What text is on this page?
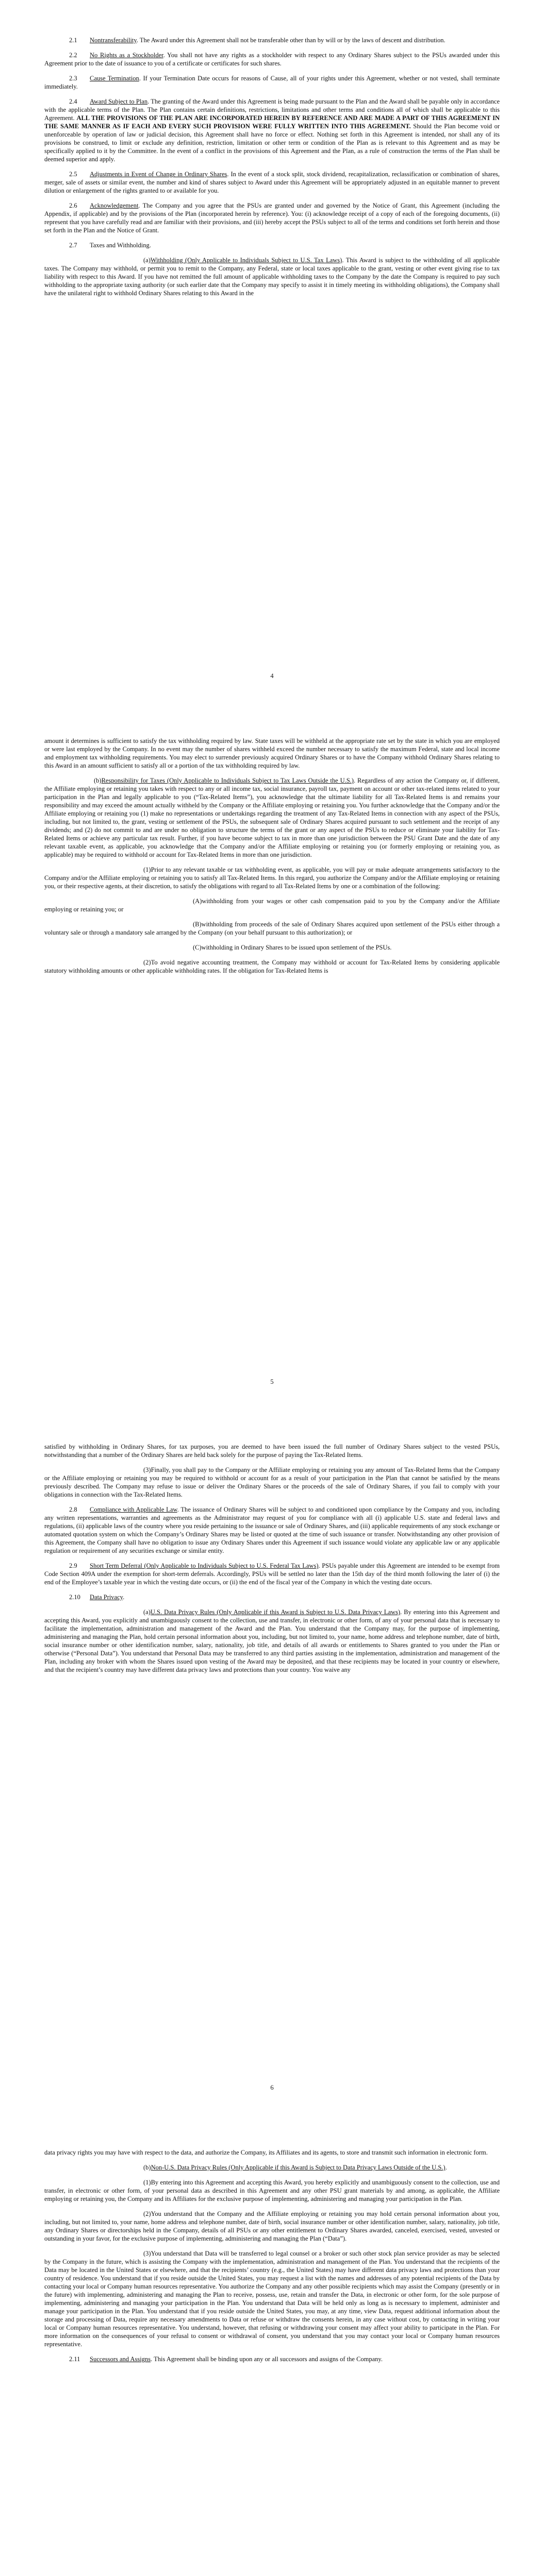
2.1 Nontransferability. The Award under this Agreement shall not be transferable other than by will or by the laws of descent and distribution.

2.2 No Rights as a Stockholder. You shall not have any rights as a stockholder with respect to any Ordinary Shares subject to the PSUs awarded under this Agreement prior to the date of issuance to you of a certificate or certificates for such shares.

2.3 Cause Termination. If your Termination Date occurs for reasons of Cause, all of your rights under this Agreement, whether or not vested, shall terminate immediately.

2.4 Award Subject to Plan. The granting of the Award under this Agreement is being made pursuant to the Plan and the Award shall be payable only in accordance with the applicable terms of the Plan. The Plan contains certain definitions, restrictions, limitations and other terms and conditions all of which shall be applicable to this Agreement. ALL THE PROVISIONS OF THE PLAN ARE INCORPORATED HEREIN BY REFERENCE AND ARE MADE A PART OF THIS AGREEMENT IN THE SAME MANNER AS IF EACH AND EVERY SUCH PROVISION WERE FULLY WRITTEN INTO THIS AGREEMENT. Should the Plan become void or unenforceable by operation of law or judicial decision, this Agreement shall have no force or effect. Nothing set forth in this Agreement is intended, nor shall any of its provisions be construed, to limit or exclude any definition, restriction, limitation or other term or condition of the Plan as is relevant to this Agreement and as may be specifically applied to it by the Committee. In the event of a conflict in the provisions of this Agreement and the Plan, as a rule of construction the terms of the Plan shall be deemed superior and apply.

2.5 Adjustments in Event of Change in Ordinary Shares. In the event of a stock split, stock dividend, recapitalization, reclassification or combination of shares, merger, sale of assets or similar event, the number and kind of shares subject to Award under this Agreement will be appropriately adjusted in an equitable manner to prevent dilution or enlargement of the rights granted to or available for you.

2.6 Acknowledgement. The Company and you agree that the PSUs are granted under and governed by the Notice of Grant, this Agreement (including the Appendix, if applicable) and by the provisions of the Plan (incorporated herein by reference). You: (i) acknowledge receipt of a copy of each of the foregoing documents, (ii) represent that you have carefully read and are familiar with their provisions, and (iii) hereby accept the PSUs subject to all of the terms and conditions set forth herein and those set forth in the Plan and the Notice of Grant.

2.7 Taxes and Withholding.

(a)Withholding (Only Applicable to Individuals Subject to U.S. Tax Laws). This Award is subject to the withholding of all applicable taxes. The Company may withhold, or permit you to remit to the Company, any Federal, state or local taxes applicable to the grant, vesting or other event giving rise to tax liability with respect to this Award. If you have not remitted the full amount of applicable withholding taxes to the Company by the date the Company is required to pay such withholding to the appropriate taxing authority (or such earlier date that the Company may specify to assist it in timely meeting its withholding obligations), the Company shall have the unilateral right to withhold Ordinary Shares relating to this Award in the

4

amount it determines is sufficient to satisfy the tax withholding required by law. State taxes will be withheld at the appropriate rate set by the state in which you are employed or were last employed by the Company. In no event may the number of shares withheld exceed the number necessary to satisfy the maximum Federal, state and local income and employment tax withholding requirements. You may elect to surrender previously acquired Ordinary Shares or to have the Company withhold Ordinary Shares relating to this Award in an amount sufficient to satisfy all or a portion of the tax withholding required by law.

(b)Responsibility for Taxes (Only Applicable to Individuals Subject to Tax Laws Outside the U.S.). Regardless of any action the Company or, if different, the Affiliate employing or retaining you takes with respect to any or all income tax, social insurance, payroll tax, payment on account or other tax-related items related to your participation in the Plan and legally applicable to you (“Tax-Related Items”), you acknowledge that the ultimate liability for all Tax-Related Items is and remains your responsibility and may exceed the amount actually withheld by the Company or the Affiliate employing or retaining you. You further acknowledge that the Company and/or the Affiliate employing or retaining you (1) make no representations or undertakings regarding the treatment of any Tax-Related Items in connection with any aspect of the PSUs, including, but not limited to, the grant, vesting or settlement of the PSUs, the subsequent sale of Ordinary Shares acquired pursuant to such settlement and the receipt of any dividends; and (2) do not commit to and are under no obligation to structure the terms of the grant or any aspect of the PSUs to reduce or eliminate your liability for Tax-Related Items or achieve any particular tax result. Further, if you have become subject to tax in more than one jurisdiction between the PSU Grant Date and the date of any relevant taxable event, as applicable, you acknowledge that the Company and/or the Affiliate employing or retaining you (or formerly employing or retaining you, as applicable) may be required to withhold or account for Tax-Related Items in more than one jurisdiction.

(1)Prior to any relevant taxable or tax withholding event, as applicable, you will pay or make adequate arrangements satisfactory to the Company and/or the Affiliate employing or retaining you to satisfy all Tax-Related Items. In this regard, you authorize the Company and/or the Affiliate employing or retaining you, or their respective agents, at their discretion, to satisfy the obligations with regard to all Tax-Related Items by one or a combination of the following:

(A)withholding from your wages or other cash compensation paid to you by the Company and/or the Affiliate employing or retaining you; or

(B)withholding from proceeds of the sale of Ordinary Shares acquired upon settlement of the PSUs either through a voluntary sale or through a mandatory sale arranged by the Company (on your behalf pursuant to this authorization); or

(C)withholding in Ordinary Shares to be issued upon settlement of the PSUs.

(2)To avoid negative accounting treatment, the Company may withhold or account for Tax-Related Items by considering applicable statutory withholding amounts or other applicable withholding rates. If the obligation for Tax-Related Items is

5

satisfied by withholding in Ordinary Shares, for tax purposes, you are deemed to have been issued the full number of Ordinary Shares subject to the vested PSUs, notwithstanding that a number of the Ordinary Shares are held back solely for the purpose of paying the Tax-Related Items.

(3)Finally, you shall pay to the Company or the Affiliate employing or retaining you any amount of Tax-Related Items that the Company or the Affiliate employing or retaining you may be required to withhold or account for as a result of your participation in the Plan that cannot be satisfied by the means previously described. The Company may refuse to issue or deliver the Ordinary Shares or the proceeds of the sale of Ordinary Shares, if you fail to comply with your obligations in connection with the Tax-Related Items.

2.8 Compliance with Applicable Law. The issuance of Ordinary Shares will be subject to and conditioned upon compliance by the Company and you, including any written representations, warranties and agreements as the Administrator may request of you for compliance with all (i) applicable U.S. state and federal laws and regulations, (ii) applicable laws of the country where you reside pertaining to the issuance or sale of Ordinary Shares, and (iii) applicable requirements of any stock exchange or automated quotation system on which the Company’s Ordinary Shares may be listed or quoted at the time of such issuance or transfer. Notwithstanding any other provision of this Agreement, the Company shall have no obligation to issue any Ordinary Shares under this Agreement if such issuance would violate any applicable law or any applicable regulation or requirement of any securities exchange or similar entity.

2.9 Short Term Deferral (Only Applicable to Individuals Subject to U.S. Federal Tax Laws). PSUs payable under this Agreement are intended to be exempt from Code Section 409A under the exemption for short-term deferrals. Accordingly, PSUs will be settled no later than the 15th day of the third month following the later of (i) the end of the Employee’s taxable year in which the vesting date occurs, or (ii) the end of the fiscal year of the Company in which the vesting date occurs.

2.10 Data Privacy.

(a)U.S. Data Privacy Rules (Only Applicable if this Award is Subject to U.S. Data Privacy Laws). By entering into this Agreement and accepting this Award, you explicitly and unambiguously consent to the collection, use and transfer, in electronic or other form, of any of your personal data that is necessary to facilitate the implementation, administration and management of the Award and the Plan. You understand that the Company may, for the purpose of implementing, administering and managing the Plan, hold certain personal information about you, including, but not limited to, your name, home address and telephone number, date of birth, social insurance number or other identification number, salary, nationality, job title, and details of all awards or entitlements to Shares granted to you under the Plan or otherwise (“Personal Data”). You understand that Personal Data may be transferred to any third parties assisting in the implementation, administration and management of the Plan, including any broker with whom the Shares issued upon vesting of the Award may be deposited, and that these recipients may be located in your country or elsewhere, and that the recipient’s country may have different data privacy laws and protections than your country. You waive any

6

data privacy rights you may have with respect to the data, and authorize the Company, its Affiliates and its agents, to store and transmit such information in electronic form.

(b)Non-U.S. Data Privacy Rules (Only Applicable if this Award is Subject to Data Privacy Laws Outside of the U.S.).

(1)By entering into this Agreement and accepting this Award, you hereby explicitly and unambiguously consent to the collection, use and transfer, in electronic or other form, of your personal data as described in this Agreement and any other PSU grant materials by and among, as applicable, the Affiliate employing or retaining you, the Company and its Affiliates for the exclusive purpose of implementing, administering and managing your participation in the Plan.

(2)You understand that the Company and the Affiliate employing or retaining you may hold certain personal information about you, including, but not limited to, your name, home address and telephone number, date of birth, social insurance number or other identification number, salary, nationality, job title, any Ordinary Shares or directorships held in the Company, details of all PSUs or any other entitlement to Ordinary Shares awarded, canceled, exercised, vested, unvested or outstanding in your favor, for the exclusive purpose of implementing, administering and managing the Plan (“Data”).

(3)You understand that Data will be transferred to legal counsel or a broker or such other stock plan service provider as may be selected by the Company in the future, which is assisting the Company with the implementation, administration and management of the Plan. You understand that the recipients of the Data may be located in the United States or elsewhere, and that the recipients’ country (e.g., the United States) may have different data privacy laws and protections than your country of residence. You understand that if you reside outside the United States, you may request a list with the names and addresses of any potential recipients of the Data by contacting your local or Company human resources representative. You authorize the Company and any other possible recipients which may assist the Company (presently or in the future) with implementing, administering and managing the Plan to receive, possess, use, retain and transfer the Data, in electronic or other form, for the sole purpose of implementing, administering and managing your participation in the Plan. You understand that Data will be held only as long as is necessary to implement, administer and manage your participation in the Plan. You understand that if you reside outside the United States, you may, at any time, view Data, request additional information about the storage and processing of Data, require any necessary amendments to Data or refuse or withdraw the consents herein, in any case without cost, by contacting in writing your local or Company human resources representative. You understand, however, that refusing or withdrawing your consent may affect your ability to participate in the Plan. For more information on the consequences of your refusal to consent or withdrawal of consent, you understand that you may contact your local or Company human resources representative.

2.11 Successors and Assigns. This Agreement shall be binding upon any or all successors and assigns of the Company.
